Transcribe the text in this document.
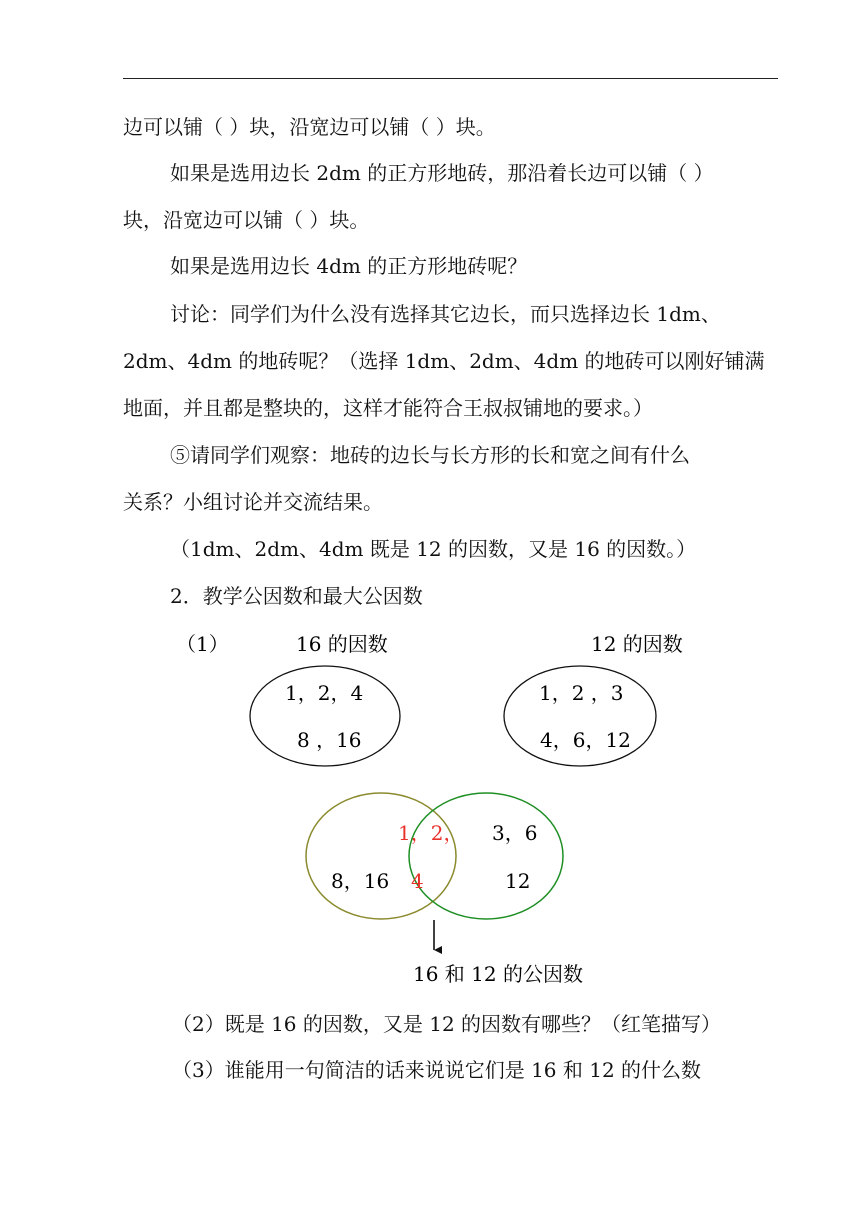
边可以铺（ ）块，沿宽边可以铺（ ）块。
如果是选用边长 2dm 的正方形地砖，那沿着长边可以铺（ ）
块，沿宽边可以铺（ ）块。
如果是选用边长 4dm 的正方形地砖呢？
讨论：同学们为什么没有选择其它边长，而只选择边长 1dm、
2dm、4dm 的地砖呢？（选择 1dm、2dm、4dm 的地砖可以刚好铺满
地面，并且都是整块的，这样才能符合王叔叔铺地的要求。）
⑤请同学们观察：地砖的边长与长方形的长和宽之间有什么
关系？小组讨论并交流结果。
（1dm、2dm、4dm 既是 12 的因数，又是 16 的因数。）
2．教学公因数和最大公因数
（1）	16 的因数
1，2，4
8 ，16
12 的因数
1，2 ，3
4，6，12
1，2，
4
8，16
3，6
12
16 和 12 的公因数
（2）既是 16 的因数，又是 12 的因数有哪些？（红笔描写）
（3）谁能用一句简洁的话来说说它们是 16 和 12 的什么数
